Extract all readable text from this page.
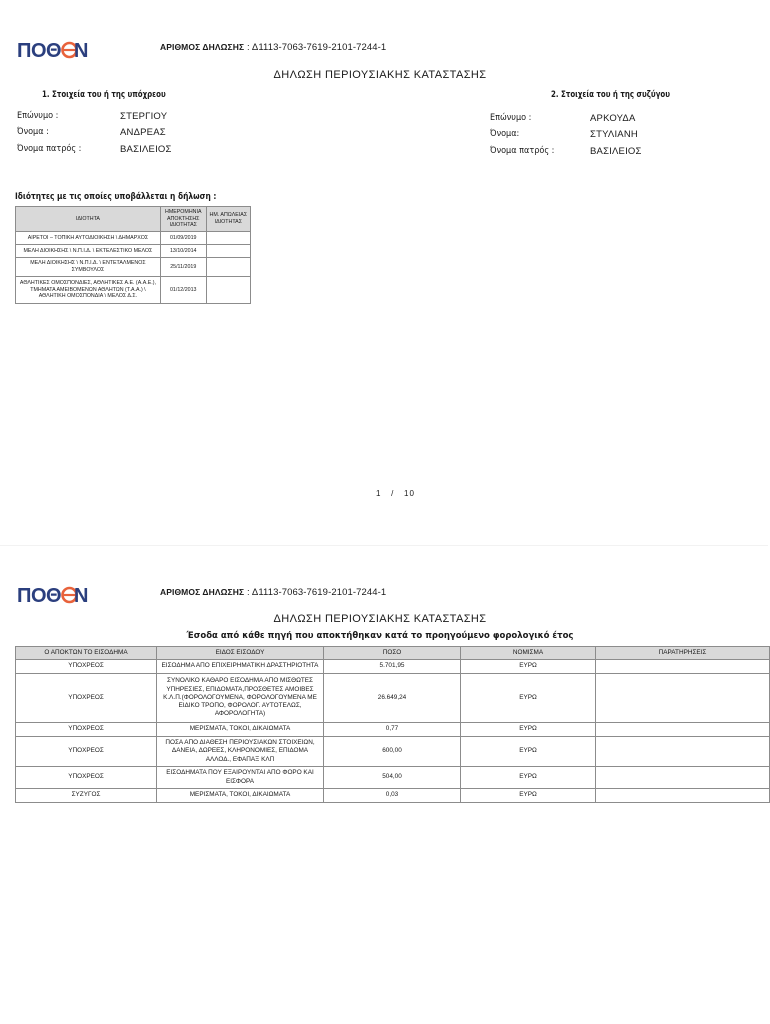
ΠΟΘ N	ΑΡΙΘΜΟΣ ΔΗΛΩΣΗΣ : Δ1113-7063-7619-2101-7244-1
ΔΗΛΩΣΗ ΠΕΡΙΟΥΣΙΑΚΗΣ ΚΑΤΑΣΤΑΣΗΣ
1. Στοιχεία του ή της υπόχρεου	2. Στοιχεία του ή της συζύγου
Επώνυμο :	ΣΤΕΡΓΙΟΥ
Όνομα :	ΑΝΔΡΕΑΣ
Όνομα πατρός :	ΒΑΣΙΛΕΙΟΣ
Επώνυμο :	ΑΡΚΟΥΔΑ
Όνομα:	ΣΤΥΛΙΑΝΗ
Όνομα πατρός :	ΒΑΣΙΛΕΙΟΣ
Ιδιότητες με τις οποίες υποβάλλεται η δήλωση :
ΙΔΙΟΤΗΤΑ	ΗΜΕΡΟΜΗΝΙΑ ΑΠΟΚΤΗΣΗΣ ΙΔΙΟΤΗΤΑΣ	ΗΜ. ΑΠΩΛΕΙΑΣ ΙΔΙΟΤΗΤΑΣ
ΑΙΡΕΤΟΙ – ΤΟΠΙΚΗ ΑΥΤΟΔΙΟΙΚΗΣΗ \ ΔΗΜΑΡΧΟΣ	01/09/2019	
ΜΕΛΗ ΔΙΟΙΚΗΣΗΣ \ Ν.Π.Ι.Δ. \ ΕΚΤΕΛΕΣΤΙΚΟ ΜΕΛΟΣ	13/10/2014	
ΜΕΛΗ ΔΙΟΙΚΗΣΗΣ \ Ν.Π.Ι.Δ. \ ΕΝΤΕΤΑΛΜΕΝΟΣ ΣΥΜΒΟΥΛΟΣ	25/11/2019	
ΑΘΛΗΤΙΚΕΣ ΟΜΟΣΠΟΝΔΙΕΣ, ΑΘΛΗΤΙΚΕΣ Α.Ε. (Α.Α.Ε.), ΤΜΗΜΑΤΑ ΑΜΕΙΒΟΜΕΝΩΝ ΑΘΛΗΤΩΝ (Τ.Α.Α.) \ ΑΘΛΗΤΙΚΗ ΟΜΟΣΠΟΝΔΙΑ \ ΜΕΛΟΣ Δ.Σ.	01/12/2013	
1 / 10
ΠΟΘ N	ΑΡΙΘΜΟΣ ΔΗΛΩΣΗΣ : Δ1113-7063-7619-2101-7244-1
ΔΗΛΩΣΗ ΠΕΡΙΟΥΣΙΑΚΗΣ ΚΑΤΑΣΤΑΣΗΣ
Έσοδα από κάθε πηγή που αποκτήθηκαν κατά το προηγούμενο φορολογικό έτος
Ο ΑΠΟΚΤΩΝ ΤΟ ΕΙΣΟΔΗΜΑ	ΕΙΔΟΣ ΕΙΣΟΔΟΥ	ΠΟΣΟ	ΝΟΜΙΣΜΑ	ΠΑΡΑΤΗΡΗΣΕΙΣ
ΥΠΟΧΡΕΟΣ	ΕΙΣΟΔΗΜΑ ΑΠΟ ΕΠΙΧΕΙΡΗΜΑΤΙΚΗ ΔΡΑΣΤΗΡΙΟΤΗΤΑ	5.701,95	ΕΥΡΩ	
ΥΠΟΧΡΕΟΣ	ΣΥΝΟΛΙΚΟ ΚΑΘΑΡΟ ΕΙΣΟΔΗΜΑ ΑΠΟ ΜΙΣΘΩΤΕΣ ΥΠΗΡΕΣΙΕΣ, ΕΠΙΔΟΜΑΤΑ,ΠΡΟΣΘΕΤΕΣ ΑΜΟΙΒΕΣ Κ.Λ.Π.(ΦΟΡΟΛΟΓΟΥΜΕΝΑ, ΦΟΡΟΛΟΓΟΥΜΕΝΑ ΜΕ ΕΙΔΙΚΟ ΤΡΟΠΟ, ΦΟΡΟΛΟΓ. ΑΥΤΟΤΕΛΩΣ, ΑΦΟΡΟΛΟΓΗΤΑ)	26.649,24	ΕΥΡΩ	
ΥΠΟΧΡΕΟΣ	ΜΕΡΙΣΜΑΤΑ, ΤΟΚΟΙ, ΔΙΚΑΙΩΜΑΤΑ	0,77	ΕΥΡΩ	
ΥΠΟΧΡΕΟΣ	ΠΟΣΑ ΑΠΟ ΔΙΑΘΕΣΗ ΠΕΡΙΟΥΣΙΑΚΩΝ ΣΤΟΙΧΕΙΩΝ, ΔΑΝΕΙΑ, ΔΩΡΕΕΣ, ΚΛΗΡΟΝΟΜΙΕΣ, ΕΠΙΔΟΜΑ ΑΛΛΟΔ., ΕΦΑΠΑΞ ΚΛΠ	600,00	ΕΥΡΩ	
ΥΠΟΧΡΕΟΣ	ΕΙΣΟΔΗΜΑΤΑ ΠΟΥ ΕΞΑΙΡΟΥΝΤΑΙ ΑΠΟ ΦΟΡΟ ΚΑΙ ΕΙΣΦΟΡΑ	504,00	ΕΥΡΩ	
ΣΥΖΥΓΟΣ	ΜΕΡΙΣΜΑΤΑ, ΤΟΚΟΙ, ΔΙΚΑΙΩΜΑΤΑ	0,03	ΕΥΡΩ	
